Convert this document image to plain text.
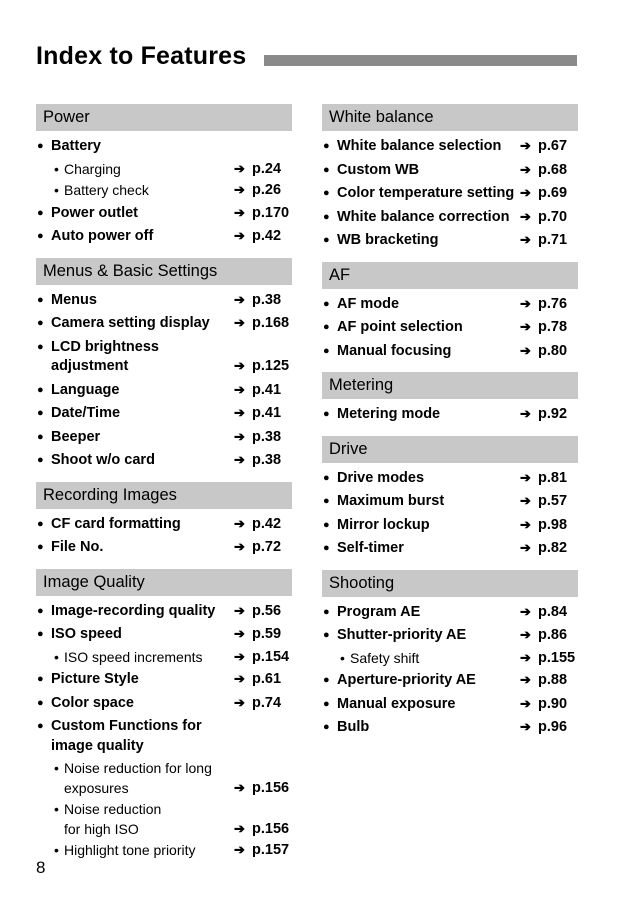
Index to Features
Power
● Battery
• Charging	➔ p.24
• Battery check	➔ p.26
● Power outlet	➔ p.170
● Auto power off	➔ p.42
Menus & Basic Settings
● Menus	➔ p.38
● Camera setting display	➔ p.168
● LCD brightness
adjustment	➔ p.125
● Language	➔ p.41
● Date/Time	➔ p.41
● Beeper	➔ p.38
● Shoot w/o card	➔ p.38
Recording Images
● CF card formatting	➔ p.42
● File No.	➔ p.72
Image Quality
● Image-recording quality	➔ p.56
● ISO speed	➔ p.59
• ISO speed increments	➔ p.154
● Picture Style	➔ p.61
● Color space	➔ p.74
● Custom Functions for
image quality
• Noise reduction for long
exposures	➔ p.156
• Noise reduction
for high ISO	➔ p.156
• Highlight tone priority	➔ p.157
White balance
● White balance selection	➔ p.67
● Custom WB	➔ p.68
● Color temperature setting ➔ p.69
● White balance correction ➔ p.70
● WB bracketing	➔ p.71
AF
● AF mode	➔ p.76
● AF point selection	➔ p.78
● Manual focusing	➔ p.80
Metering
● Metering mode	➔ p.92
Drive
● Drive modes	➔ p.81
● Maximum burst	➔ p.57
● Mirror lockup	➔ p.98
● Self-timer	➔ p.82
Shooting
● Program AE	➔ p.84
● Shutter-priority AE	➔ p.86
• Safety shift	➔ p.155
● Aperture-priority AE	➔ p.88
● Manual exposure	➔ p.90
● Bulb	➔ p.96
8
